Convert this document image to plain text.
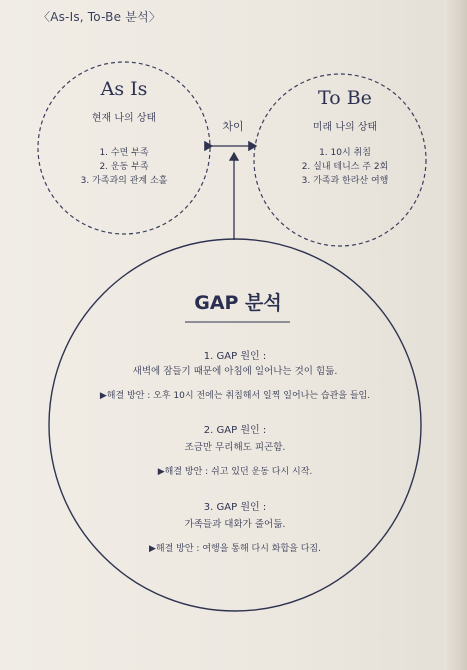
〈As-Is, To-Be 분석〉
As Is
현재 나의 상태
1. 수면 부족
2. 운동 부족
3. 가족과의 관계 소홀
To Be
미래 나의 상태
1. 10시 취침
2. 실내 테니스 주 2회
3. 가족과 한라산 여행
차이
GAP 분석
1. GAP 원인 :
새벽에 잠들기 때문에 아침에 일어나는 것이 힘듦.
▶해결 방안 : 오후 10시 전에는 취침해서 일찍 일어나는 습관을 들임.
2. GAP 원인 :
조금만 무리해도 피곤함.
▶해결 방안 : 쉬고 있던 운동 다시 시작.
3. GAP 원인 :
가족들과 대화가 줄어듦.
▶해결 방안 : 여행을 통해 다시 화합을 다짐.
